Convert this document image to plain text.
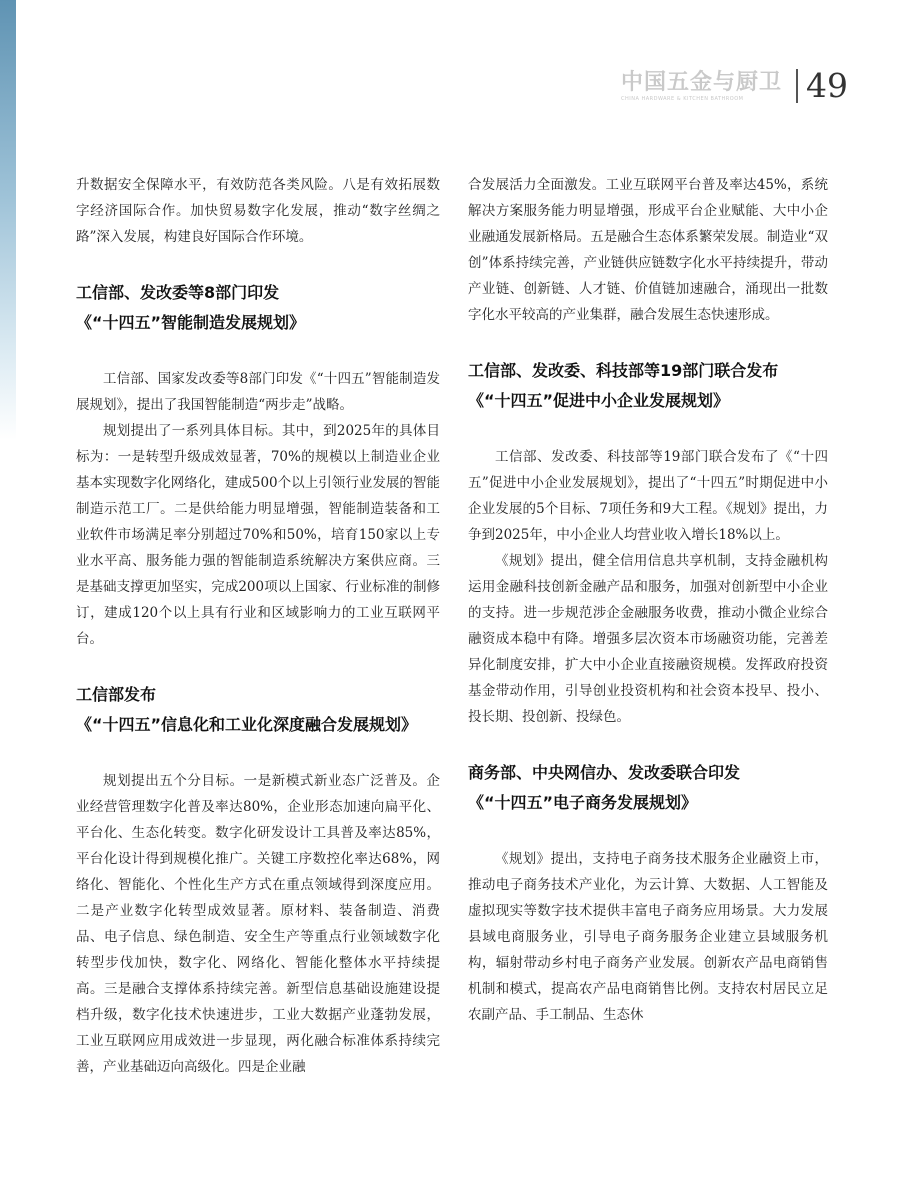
中国五金与厨卫
CHINA HARDWARE & KITCHEN BATHROOM 49

升数据安全保障水平，有效防范各类风险。八是有效拓展数字经济国际合作。加快贸易数字化发展，推动“数字丝绸之路”深入发展，构建良好国际合作环境。

工信部、发改委等8部门印发
《“十四五”智能制造发展规划》

工信部、国家发改委等8部门印发《“十四五”智能制造发展规划》，提出了我国智能制造“两步走”战略。

规划提出了一系列具体目标。其中，到2025年的具体目标为：一是转型升级成效显著，70%的规模以上制造业企业基本实现数字化网络化，建成500个以上引领行业发展的智能制造示范工厂。二是供给能力明显增强，智能制造装备和工业软件市场满足率分别超过70%和50%，培育150家以上专业水平高、服务能力强的智能制造系统解决方案供应商。三是基础支撑更加坚实，完成200项以上国家、行业标准的制修订，建成120个以上具有行业和区域影响力的工业互联网平台。

工信部发布
《“十四五”信息化和工业化深度融合发展规划》

规划提出五个分目标。一是新模式新业态广泛普及。企业经营管理数字化普及率达80%，企业形态加速向扁平化、平台化、生态化转变。数字化研发设计工具普及率达85%，平台化设计得到规模化推广。关键工序数控化率达68%，网络化、智能化、个性化生产方式在重点领域得到深度应用。二是产业数字化转型成效显著。原材料、装备制造、消费品、电子信息、绿色制造、安全生产等重点行业领域数字化转型步伐加快，数字化、网络化、智能化整体水平持续提高。三是融合支撑体系持续完善。新型信息基础设施建设提档升级，数字化技术快速进步，工业大数据产业蓬勃发展，工业互联网应用成效进一步显现，两化融合标准体系持续完善，产业基础迈向高级化。四是企业融

合发展活力全面激发。工业互联网平台普及率达45%，系统解决方案服务能力明显增强，形成平台企业赋能、大中小企业融通发展新格局。五是融合生态体系繁荣发展。制造业“双创”体系持续完善，产业链供应链数字化水平持续提升，带动产业链、创新链、人才链、价值链加速融合，涌现出一批数字化水平较高的产业集群，融合发展生态快速形成。

工信部、发改委、科技部等19部门联合发布
《“十四五”促进中小企业发展规划》

工信部、发改委、科技部等19部门联合发布了《“十四五”促进中小企业发展规划》，提出了“十四五”时期促进中小企业发展的5个目标、7项任务和9大工程。《规划》提出，力争到2025年，中小企业人均营业收入增长18%以上。

《规划》提出，健全信用信息共享机制，支持金融机构运用金融科技创新金融产品和服务，加强对创新型中小企业的支持。进一步规范涉企金融服务收费，推动小微企业综合融资成本稳中有降。增强多层次资本市场融资功能，完善差异化制度安排，扩大中小企业直接融资规模。发挥政府投资基金带动作用，引导创业投资机构和社会资本投早、投小、投长期、投创新、投绿色。

商务部、中央网信办、发改委联合印发
《“十四五”电子商务发展规划》

《规划》提出，支持电子商务技术服务企业融资上市，推动电子商务技术产业化，为云计算、大数据、人工智能及虚拟现实等数字技术提供丰富电子商务应用场景。大力发展县域电商服务业，引导电子商务服务企业建立县域服务机构，辐射带动乡村电子商务产业发展。创新农产品电商销售机制和模式，提高农产品电商销售比例。支持农村居民立足农副产品、手工制品、生态休
